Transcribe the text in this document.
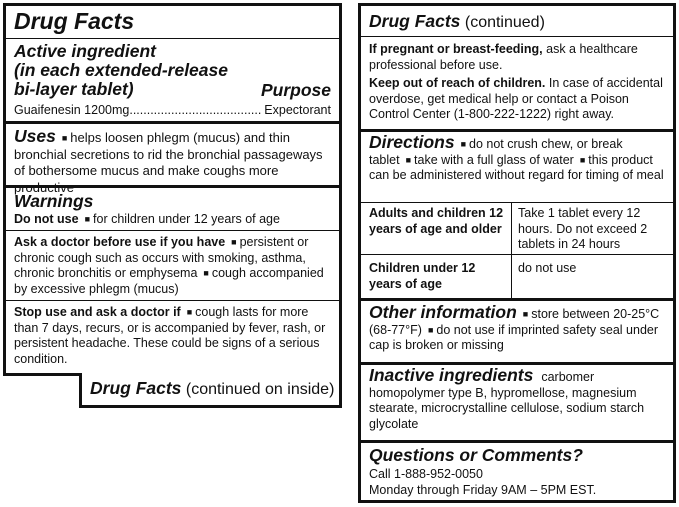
Drug Facts
Active ingredient
(in each extended-release
bi-layer tablet)	Purpose
Guaifenesin 1200mg...................................... Expectorant
Uses ■ helps loosen phlegm (mucus) and thin bronchial secretions to rid the bronchial passageways of bothersome mucus and make coughs more productive
Warnings
Do not use ■ for children under 12 years of age
Ask a doctor before use if you have ■ persistent or chronic cough such as occurs with smoking, asthma, chronic bronchitis or emphysema ■ cough accompanied by excessive phlegm (mucus)
Stop use and ask a doctor if ■ cough lasts for more than 7 days, recurs, or is accompanied by fever, rash, or persistent headache. These could be signs of a serious condition.
Drug Facts (continued on inside)
Drug Facts (continued)
If pregnant or breast-feeding, ask a healthcare professional before use.
Keep out of reach of children. In case of accidental overdose, get medical help or contact a Poison Control Center (1-800-222-1222) right away.
Directions ■ do not crush chew, or break tablet ■ take with a full glass of water ■ this product can be administered without regard for timing of meal
Adults and children 12 years of age and older
Take 1 tablet every 12 hours. Do not exceed 2 tablets in 24 hours
Children under 12 years of age
do not use
Other information ■ store between 20-25°C (68-77°F) ■ do not use if imprinted safety seal under cap is broken or missing
Inactive ingredients carbomer homopolymer type B, hypromellose, magnesium stearate, microcrystalline cellulose, sodium starch glycolate
Questions or Comments?
Call 1-888-952-0050
Monday through Friday 9AM – 5PM EST.
